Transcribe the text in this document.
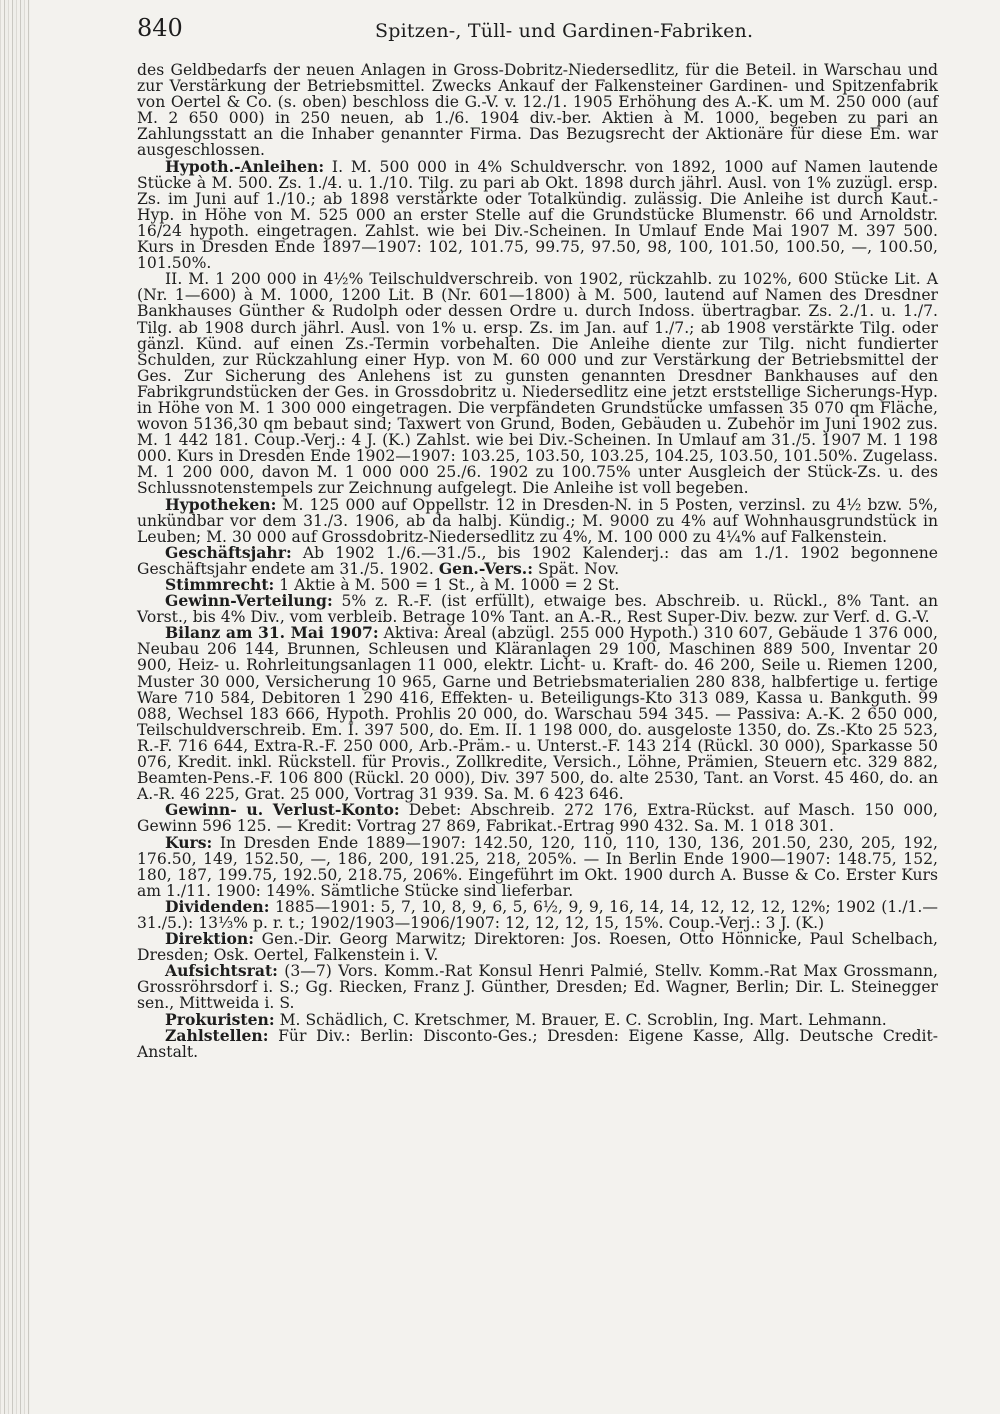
840	Spitzen-, Tüll- und Gardinen-Fabriken.

des Geldbedarfs der neuen Anlagen in Gross-Dobritz-Niedersedlitz, für die Beteil. in Warschau und zur Verstärkung der Betriebsmittel. Zwecks Ankauf der Falkensteiner Gardinen- und Spitzenfabrik von Oertel & Co. (s. oben) beschloss die G.-V. v. 12./1. 1905 Erhöhung des A.-K. um M. 250 000 (auf M. 2 650 000) in 250 neuen, ab 1./6. 1904 div.-ber. Aktien à M. 1000, begeben zu pari an Zahlungsstatt an die Inhaber genannter Firma. Das Bezugsrecht der Aktionäre für diese Em. war ausgeschlossen.

Hypoth.-Anleihen: I. M. 500 000 in 4% Schuldverschr. von 1892, 1000 auf Namen lautende Stücke à M. 500. Zs. 1./4. u. 1./10. Tilg. zu pari ab Okt. 1898 durch jährl. Ausl. von 1% zuzügl. ersp. Zs. im Juni auf 1./10.; ab 1898 verstärkte oder Totalkündig. zulässig. Die Anleihe ist durch Kaut.-Hyp. in Höhe von M. 525 000 an erster Stelle auf die Grundstücke Blumenstr. 66 und Arnoldstr. 16/24 hypoth. eingetragen. Zahlst. wie bei Div.-Scheinen. In Umlauf Ende Mai 1907 M. 397 500. Kurs in Dresden Ende 1897—1907: 102, 101.75, 99.75, 97.50, 98, 100, 101.50, 100.50, —, 100.50, 101.50%.

II. M. 1 200 000 in 4½% Teilschuldverschreib. von 1902, rückzahlb. zu 102%, 600 Stücke Lit. A (Nr. 1—600) à M. 1000, 1200 Lit. B (Nr. 601—1800) à M. 500, lautend auf Namen des Dresdner Bankhauses Günther & Rudolph oder dessen Ordre u. durch Indoss. übertragbar. Zs. 2./1. u. 1./7. Tilg. ab 1908 durch jährl. Ausl. von 1% u. ersp. Zs. im Jan. auf 1./7.; ab 1908 verstärkte Tilg. oder gänzl. Künd. auf einen Zs.-Termin vorbehalten. Die Anleihe diente zur Tilg. nicht fundierter Schulden, zur Rückzahlung einer Hyp. von M. 60 000 und zur Verstärkung der Betriebsmittel der Ges. Zur Sicherung des Anlehens ist zu gunsten genannten Dresdner Bankhauses auf den Fabrikgrundstücken der Ges. in Grossdobritz u. Niedersedlitz eine jetzt erststellige Sicherungs-Hyp. in Höhe von M. 1 300 000 eingetragen. Die verpfändeten Grundstücke umfassen 35 070 qm Fläche, wovon 5136,30 qm bebaut sind; Taxwert von Grund, Boden, Gebäuden u. Zubehör im Juni 1902 zus. M. 1 442 181. Coup.-Verj.: 4 J. (K.) Zahlst. wie bei Div.-Scheinen. In Umlauf am 31./5. 1907 M. 1 198 000. Kurs in Dresden Ende 1902—1907: 103.25, 103.50, 103.25, 104.25, 103.50, 101.50%. Zugelass. M. 1 200 000, davon M. 1 000 000 25./6. 1902 zu 100.75% unter Ausgleich der Stück-Zs. u. des Schlussnotenstempels zur Zeichnung aufgelegt. Die Anleihe ist voll begeben.

Hypotheken: M. 125 000 auf Oppellstr. 12 in Dresden-N. in 5 Posten, verzinsl. zu 4½ bzw. 5%, unkündbar vor dem 31./3. 1906, ab da halbj. Kündig.; M. 9000 zu 4% auf Wohnhausgrundstück in Leuben; M. 30 000 auf Grossdobritz-Niedersedlitz zu 4%, M. 100 000 zu 4¼% auf Falkenstein.

Geschäftsjahr: Ab 1902 1./6.—31./5., bis 1902 Kalenderj.: das am 1./1. 1902 begonnene Geschäftsjahr endete am 31./5. 1902. Gen.-Vers.: Spät. Nov.

Stimmrecht: 1 Aktie à M. 500 = 1 St., à M. 1000 = 2 St.

Gewinn-Verteilung: 5% z. R.-F. (ist erfüllt), etwaige bes. Abschreib. u. Rückl., 8% Tant. an Vorst., bis 4% Div., vom verbleib. Betrage 10% Tant. an A.-R., Rest Super-Div. bezw. zur Verf. d. G.-V.

Bilanz am 31. Mai 1907: Aktiva: Areal (abzügl. 255 000 Hypoth.) 310 607, Gebäude 1 376 000, Neubau 206 144, Brunnen, Schleusen und Kläranlagen 29 100, Maschinen 889 500, Inventar 20 900, Heiz- u. Rohrleitungsanlagen 11 000, elektr. Licht- u. Kraft- do. 46 200, Seile u. Riemen 1200, Muster 30 000, Versicherung 10 965, Garne und Betriebsmaterialien 280 838, halbfertige u. fertige Ware 710 584, Debitoren 1 290 416, Effekten- u. Beteiligungs-Kto 313 089, Kassa u. Bankguth. 99 088, Wechsel 183 666, Hypoth. Prohlis 20 000, do. Warschau 594 345. — Passiva: A.-K. 2 650 000, Teilschuldverschreib. Em. I. 397 500, do. Em. II. 1 198 000, do. ausgeloste 1350, do. Zs.-Kto 25 523, R.-F. 716 644, Extra-R.-F. 250 000, Arb.-Präm.- u. Unterst.-F. 143 214 (Rückl. 30 000), Sparkasse 50 076, Kredit. inkl. Rückstell. für Provis., Zollkredite, Versich., Löhne, Prämien, Steuern etc. 329 882, Beamten-Pens.-F. 106 800 (Rückl. 20 000), Div. 397 500, do. alte 2530, Tant. an Vorst. 45 460, do. an A.-R. 46 225, Grat. 25 000, Vortrag 31 939. Sa. M. 6 423 646.

Gewinn- u. Verlust-Konto: Debet: Abschreib. 272 176, Extra-Rückst. auf Masch. 150 000, Gewinn 596 125. — Kredit: Vortrag 27 869, Fabrikat.-Ertrag 990 432. Sa. M. 1 018 301.

Kurs: In Dresden Ende 1889—1907: 142.50, 120, 110, 110, 130, 136, 201.50, 230, 205, 192, 176.50, 149, 152.50, —, 186, 200, 191.25, 218, 205%. — In Berlin Ende 1900—1907: 148.75, 152, 180, 187, 199.75, 192.50, 218.75, 206%. Eingeführt im Okt. 1900 durch A. Busse & Co. Erster Kurs am 1./11. 1900: 149%. Sämtliche Stücke sind lieferbar.

Dividenden: 1885—1901: 5, 7, 10, 8, 9, 6, 5, 6½, 9, 9, 16, 14, 14, 12, 12, 12, 12%; 1902 (1./1.—31./5.): 13⅓% p. r. t.; 1902/1903—1906/1907: 12, 12, 12, 15, 15%. Coup.-Verj.: 3 J. (K.)

Direktion: Gen.-Dir. Georg Marwitz; Direktoren: Jos. Roesen, Otto Hönnicke, Paul Schelbach, Dresden; Osk. Oertel, Falkenstein i. V.

Aufsichtsrat: (3—7) Vors. Komm.-Rat Konsul Henri Palmié, Stellv. Komm.-Rat Max Grossmann, Grossröhrsdorf i. S.; Gg. Riecken, Franz J. Günther, Dresden; Ed. Wagner, Berlin; Dir. L. Steinegger sen., Mittweida i. S.

Prokuristen: M. Schädlich, C. Kretschmer, M. Brauer, E. C. Scroblin, Ing. Mart. Lehmann.

Zahlstellen: Für Div.: Berlin: Disconto-Ges.; Dresden: Eigene Kasse, Allg. Deutsche Credit-Anstalt.
